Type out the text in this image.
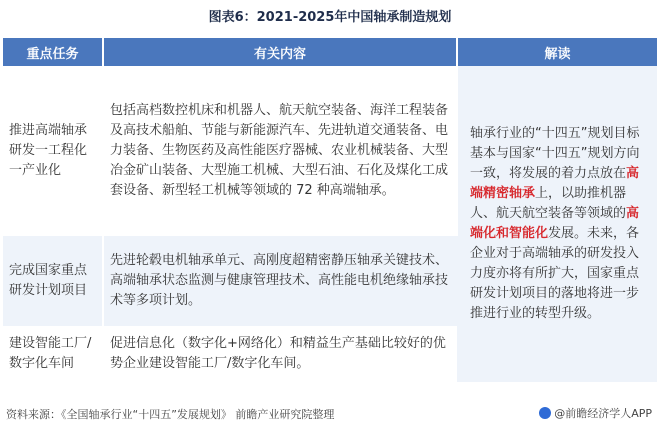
图表6：2021-2025年中国轴承制造规划
重点任务	有关内容	解读
推进高端轴承研发一工程化一产业化	包括高档数控机床和机器人、航天航空装备、海洋工程装备及高技术船舶、节能与新能源汽车、先进轨道交通装备、电力装备、生物医药及高性能医疗器械、农业机械装备、大型冶金矿山装备、大型施工机械、大型石油、石化及煤化工成套设备、新型轻工机械等领域的 72 种高端轴承。	轴承行业的“十四五”规划目标基本与国家“十四五”规划方向一致，将发展的着力点放在高端精密轴承上，以助推机器人、航天航空装备等领域的高端化和智能化发展。未来，各企业对于高端轴承的研发投入力度亦将有所扩大，国家重点研发计划项目的落地将进一步推进行业的转型升级。
完成国家重点研发计划项目	先进轮毂电机轴承单元、高刚度超精密静压轴承关键技术、高端轴承状态监测与健康管理技术、高性能电机绝缘轴承技术等多项计划。	
建设智能工厂/数字化车间	促进信息化（数字化+网络化）和精益生产基础比较好的优势企业建设智能工厂/数字化车间。	
资料来源：《全国轴承行业“十四五”发展规划》 前瞻产业研究院整理	@前瞻经济学人APP
